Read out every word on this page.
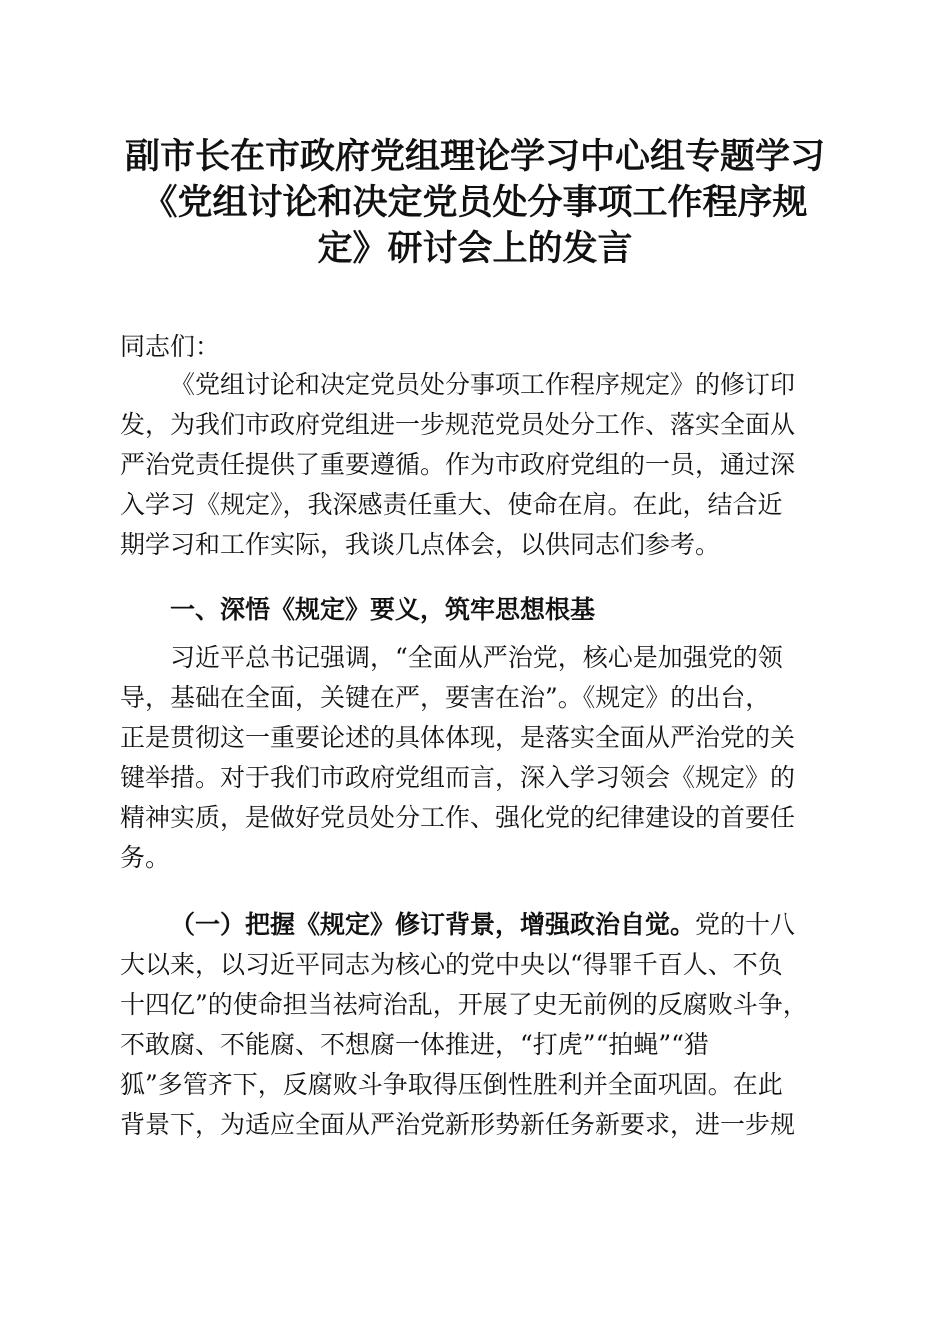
副市长在市政府党组理论学习中心组专题学习
《党组讨论和决定党员处分事项工作程序规
定》研讨会上的发言
同志们：
《党组讨论和决定党员处分事项工作程序规定》的修订印
发，为我们市政府党组进一步规范党员处分工作、落实全面从
严治党责任提供了重要遵循。作为市政府党组的一员，通过深
入学习《规定》，我深感责任重大、使命在肩。在此，结合近
期学习和工作实际，我谈几点体会，以供同志们参考。
一、深悟《规定》要义，筑牢思想根基
习近平总书记强调，“全面从严治党，核心是加强党的领
导，基础在全面，关键在严，要害在治”。《规定》的出台，
正是贯彻这一重要论述的具体体现，是落实全面从严治党的关
键举措。对于我们市政府党组而言，深入学习领会《规定》的
精神实质，是做好党员处分工作、强化党的纪律建设的首要任
务。
（一）把握《规定》修订背景，增强政治自觉。党的十八
大以来，以习近平同志为核心的党中央以“得罪千百人、不负
十四亿”的使命担当祛疴治乱，开展了史无前例的反腐败斗争，
不敢腐、不能腐、不想腐一体推进，“打虎”“拍蝇”“猎
狐”多管齐下，反腐败斗争取得压倒性胜利并全面巩固。在此
背景下，为适应全面从严治党新形势新任务新要求，进一步规
